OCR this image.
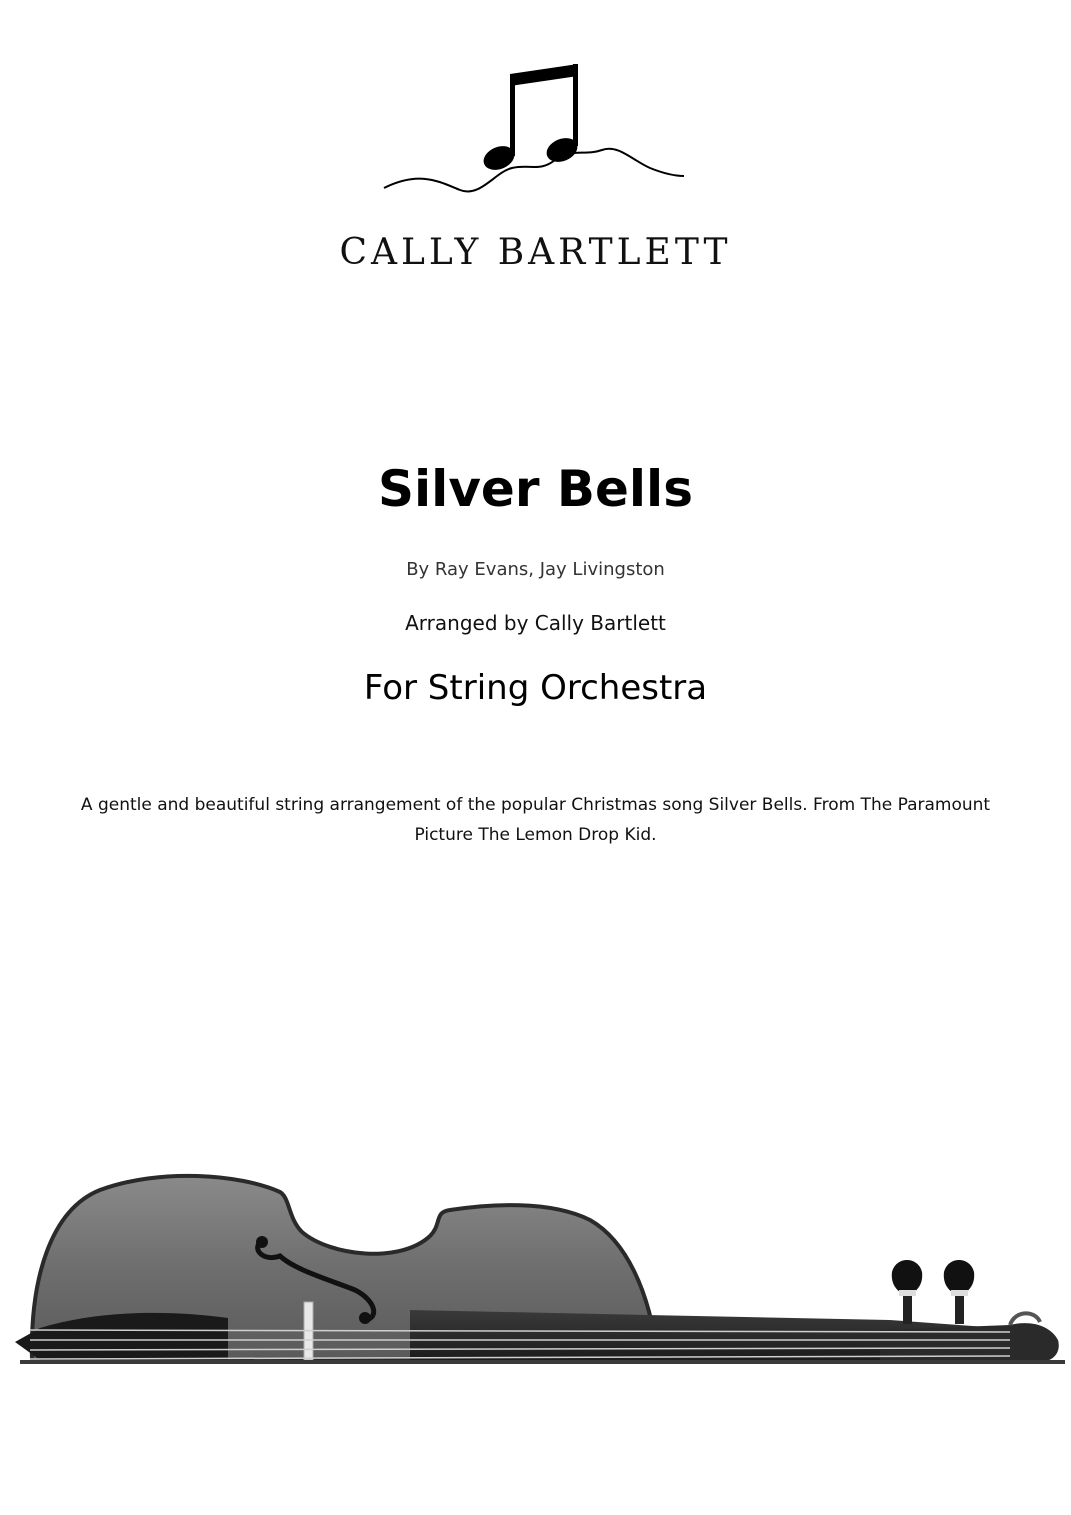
CALLY BARTLETT
Silver Bells
By Ray Evans, Jay Livingston
Arranged by Cally Bartlett
For String Orchestra
A gentle and beautiful string arrangement of the popular Christmas song Silver Bells. From The Paramount Picture The Lemon Drop Kid.
